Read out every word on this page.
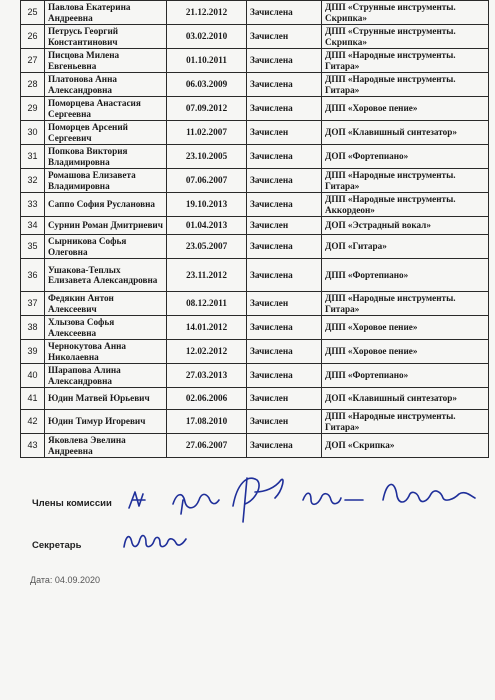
25	Павлова Екатерина Андреевна	21.12.2012	Зачислена	ДПП «Струнные инструменты. Скрипка»
26	Петрусь Георгий Константинович	03.02.2010	Зачислен	ДПП «Струнные инструменты. Скрипка»
27	Писцова Милена Евгеньевна	01.10.2011	Зачислена	ДПП «Народные инструменты. Гитара»
28	Платонова Анна Александровна	06.03.2009	Зачислена	ДПП «Народные инструменты. Гитара»
29	Поморцева Анастасия Сергеевна	07.09.2012	Зачислена	ДПП «Хоровое пение»
30	Поморцев Арсений Сергеевич	11.02.2007	Зачислен	ДОП «Клавишный синтезатор»
31	Попкова Виктория Владимировна	23.10.2005	Зачислена	ДОП «Фортепиано»
32	Ромашова Елизавета Владимировна	07.06.2007	Зачислена	ДПП «Народные инструменты. Гитара»
33	Саппо София Руслановна	19.10.2013	Зачислена	ДПП «Народные инструменты. Аккордеон»
34	Сурнин Роман Дмитриевич	01.04.2013	Зачислен	ДОП «Эстрадный вокал»
35	Сырникова Софья Олеговна	23.05.2007	Зачислена	ДОП «Гитара»
36	Ушакова-Теплых Елизавета Александровна	23.11.2012	Зачислена	ДПП «Фортепиано»
37	Федякин Антон Алексеевич	08.12.2011	Зачислен	ДПП «Народные инструменты. Гитара»
38	Хлызова Софья Алексеевна	14.01.2012	Зачислена	ДПП «Хоровое пение»
39	Чернокутова Анна Николаевна	12.02.2012	Зачислена	ДПП «Хоровое пение»
40	Шарапова Алина Александровна	27.03.2013	Зачислена	ДПП «Фортепиано»
41	Юдин Матвей Юрьевич	02.06.2006	Зачислен	ДОП «Клавишный синтезатор»
42	Юдин Тимур Игоревич	17.08.2010	Зачислен	ДПП «Народные инструменты. Гитара»
43	Яковлева Эвелина Андреевна	27.06.2007	Зачислена	ДОП «Скрипка»
Члены комиссии
Секретарь
Дата: 04.09.2020
